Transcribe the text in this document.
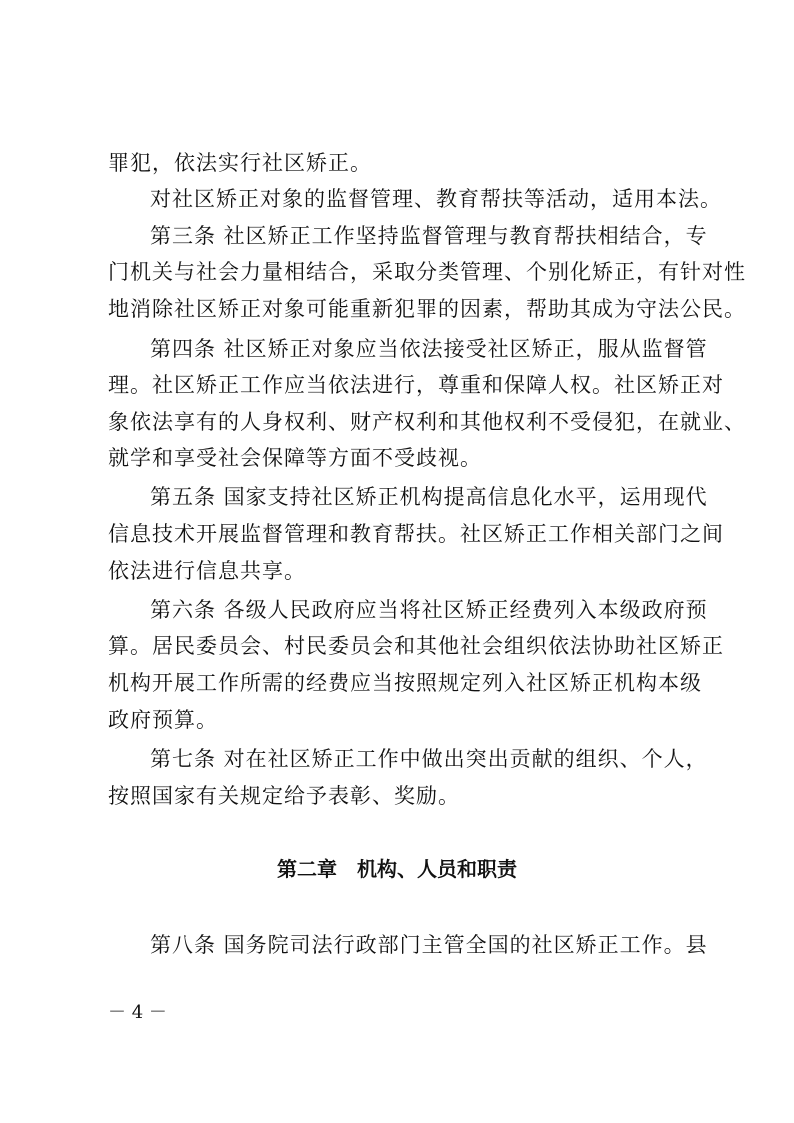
罪犯，依法实行社区矫正。
对社区矫正对象的监督管理、教育帮扶等活动，适用本法。
第三条 社区矫正工作坚持监督管理与教育帮扶相结合，专
门机关与社会力量相结合，采取分类管理、个别化矫正，有针对性
地消除社区矫正对象可能重新犯罪的因素，帮助其成为守法公民。
第四条 社区矫正对象应当依法接受社区矫正，服从监督管
理。社区矫正工作应当依法进行，尊重和保障人权。社区矫正对
象依法享有的人身权利、财产权利和其他权利不受侵犯，在就业、
就学和享受社会保障等方面不受歧视。
第五条 国家支持社区矫正机构提高信息化水平，运用现代
信息技术开展监督管理和教育帮扶。社区矫正工作相关部门之间
依法进行信息共享。
第六条 各级人民政府应当将社区矫正经费列入本级政府预
算。居民委员会、村民委员会和其他社会组织依法协助社区矫正
机构开展工作所需的经费应当按照规定列入社区矫正机构本级
政府预算。
第七条 对在社区矫正工作中做出突出贡献的组织、个人，
按照国家有关规定给予表彰、奖励。
第二章　机构、人员和职责
第八条 国务院司法行政部门主管全国的社区矫正工作。县
－ 4 －
